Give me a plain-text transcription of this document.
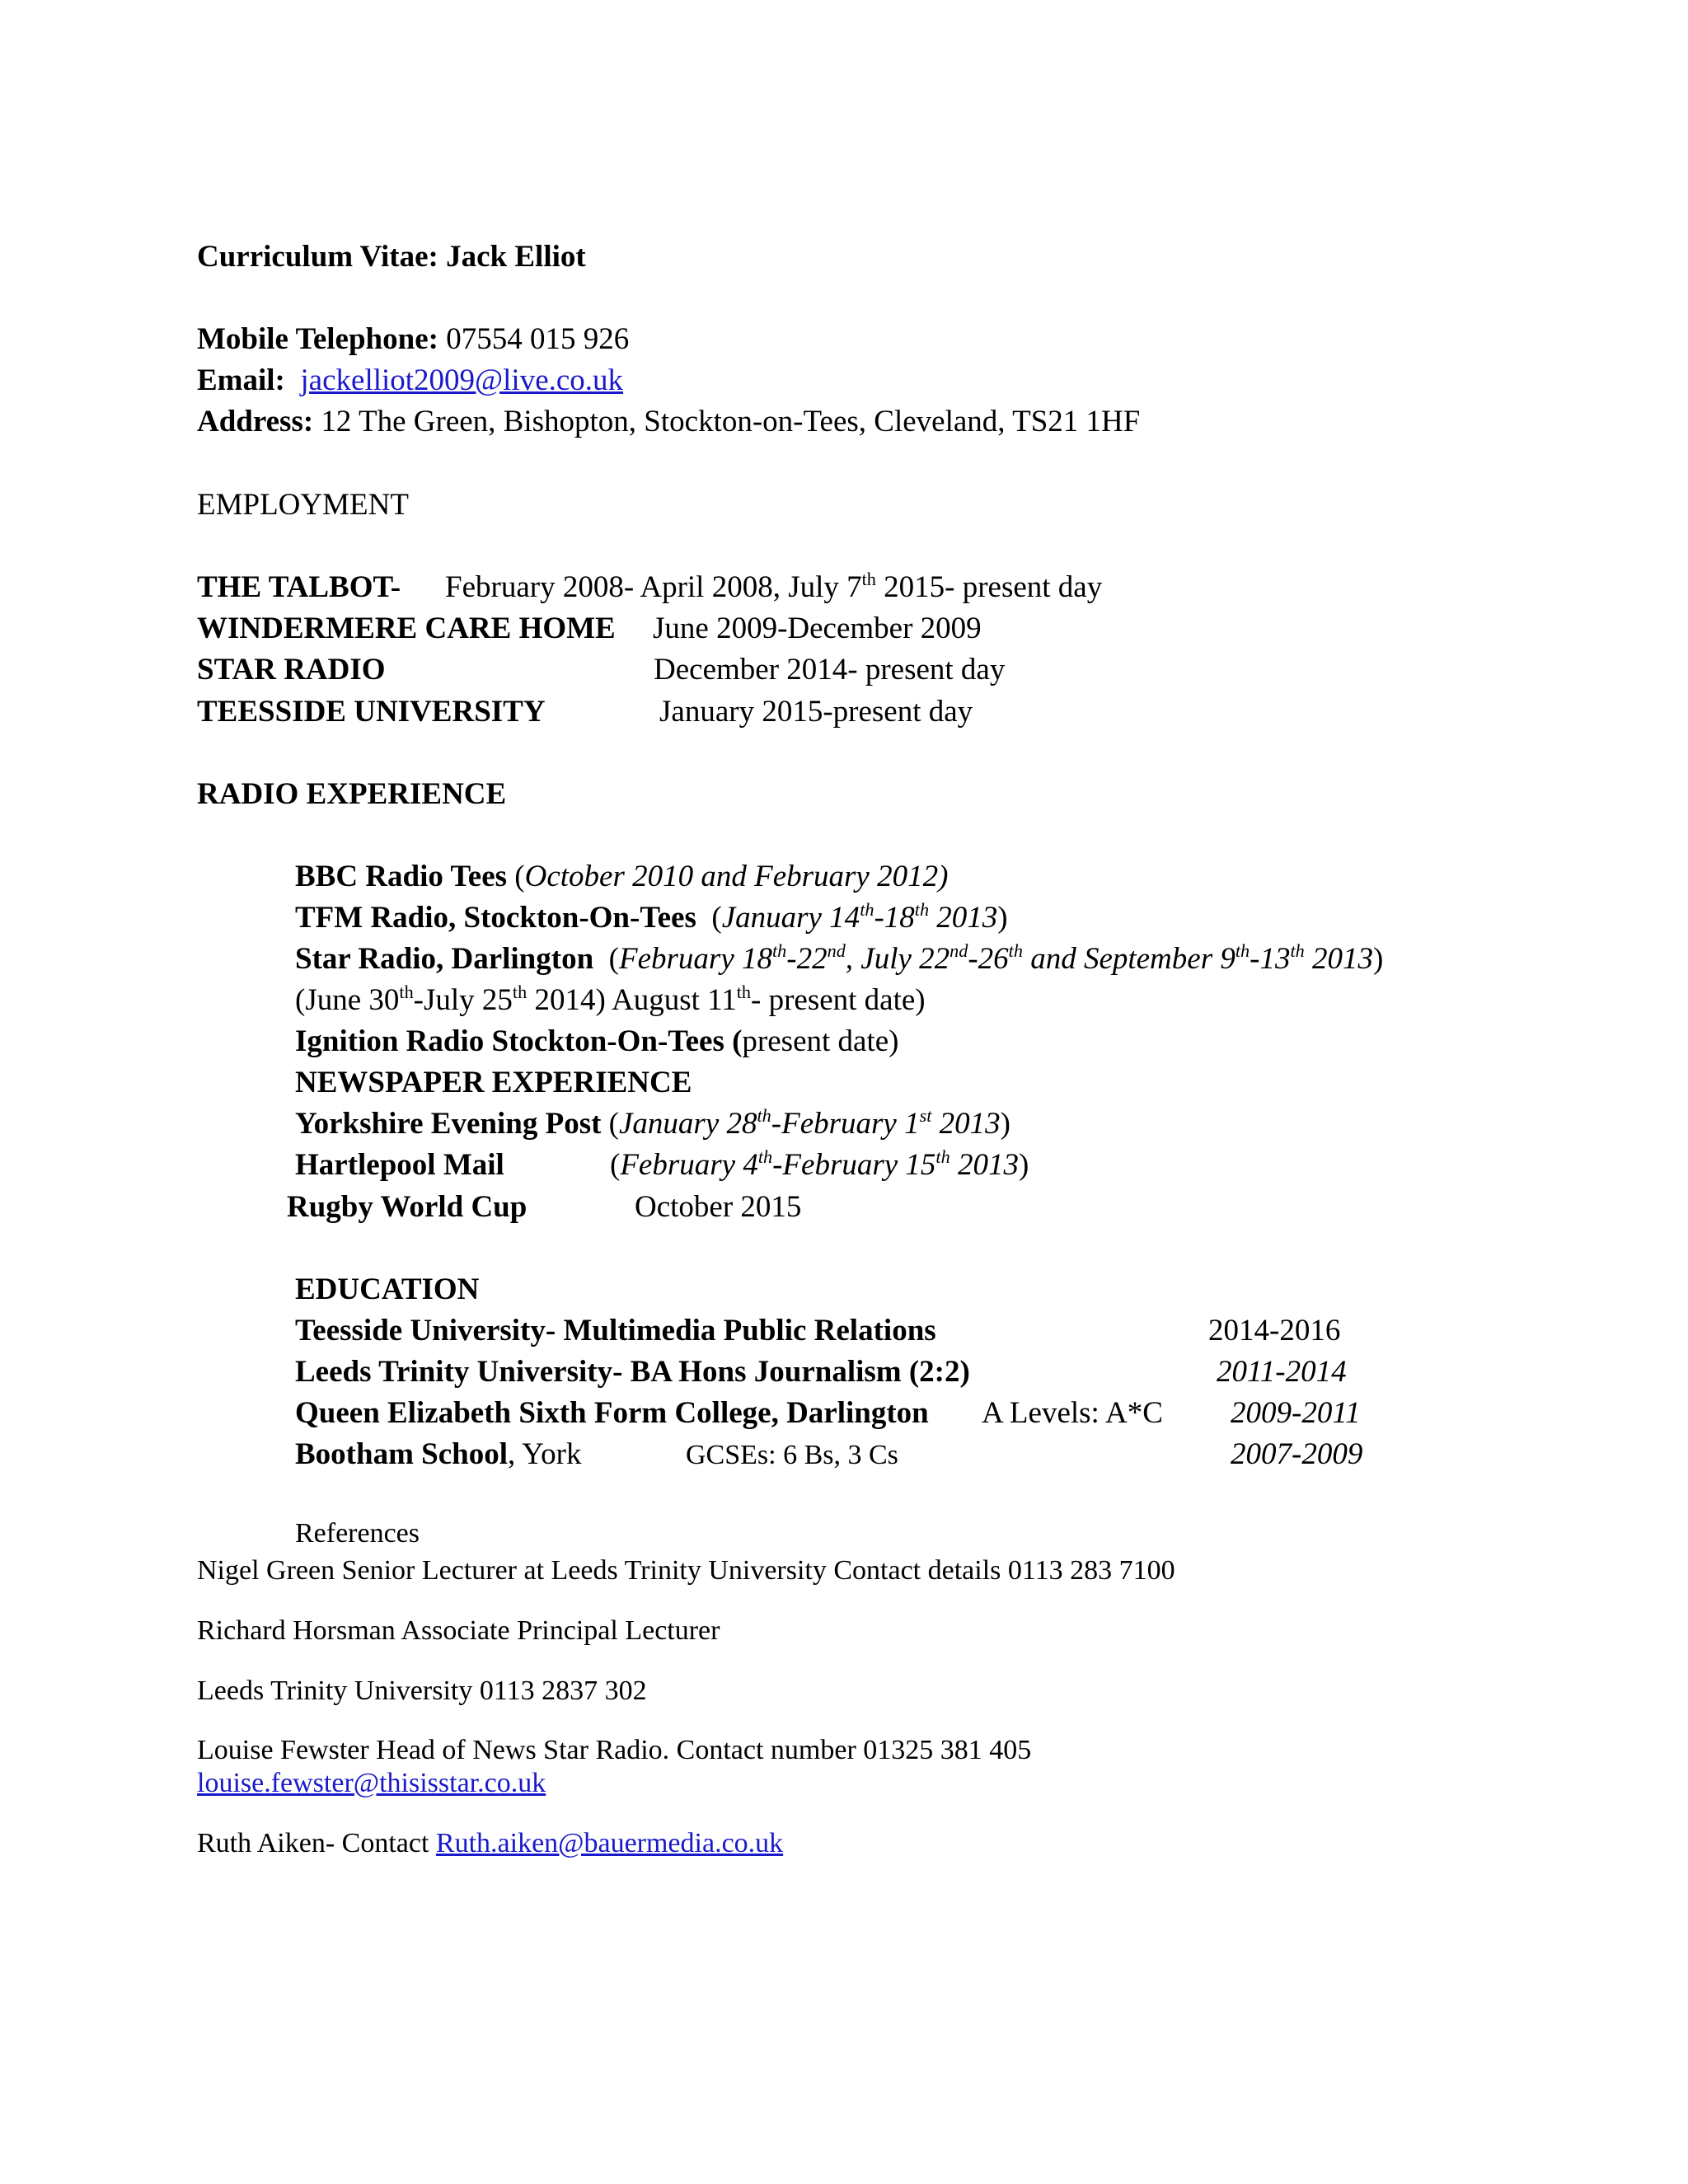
Curriculum Vitae: Jack Elliot
Mobile Telephone: 07554 015 926
Email: jackelliot2009@live.co.uk
Address: 12 The Green, Bishopton, Stockton-on-Tees, Cleveland, TS21 1HF
EMPLOYMENT
THE TALBOT- February 2008- April 2008, July 7th 2015- present day
WINDERMERE CARE HOME June 2009-December 2009
STAR RADIO	December 2014- present day
TEESSIDE UNIVERSITY	January 2015-present day
RADIO EXPERIENCE
BBC Radio Tees (October 2010 and February 2012)
TFM Radio, Stockton-On-Tees (January 14th-18th 2013)
Star Radio, Darlington (February 18th-22nd, July 22nd-26th and September 9th-13th 2013)
(June 30th-July 25th 2014) August 11th- present date)
Ignition Radio Stockton-On-Tees (present date)
NEWSPAPER EXPERIENCE
Yorkshire Evening Post (January 28th-February 1st 2013)
Hartlepool Mail	(February 4th-February 15th 2013)
Rugby World Cup	October 2015
EDUCATION
Teesside University- Multimedia Public Relations	2014-2016
Leeds Trinity University- BA Hons Journalism (2:2)	2011-2014
Queen Elizabeth Sixth Form College, Darlington A Levels: A*C 2009-2011
Bootham School, York	GCSEs: 6 Bs, 3 Cs	2007-2009
References
Nigel Green Senior Lecturer at Leeds Trinity University Contact details 0113 283 7100
Richard Horsman Associate Principal Lecturer
Leeds Trinity University 0113 2837 302
Louise Fewster Head of News Star Radio. Contact number 01325 381 405
louise.fewster@thisisstar.co.uk
Ruth Aiken- Contact Ruth.aiken@bauermedia.co.uk
